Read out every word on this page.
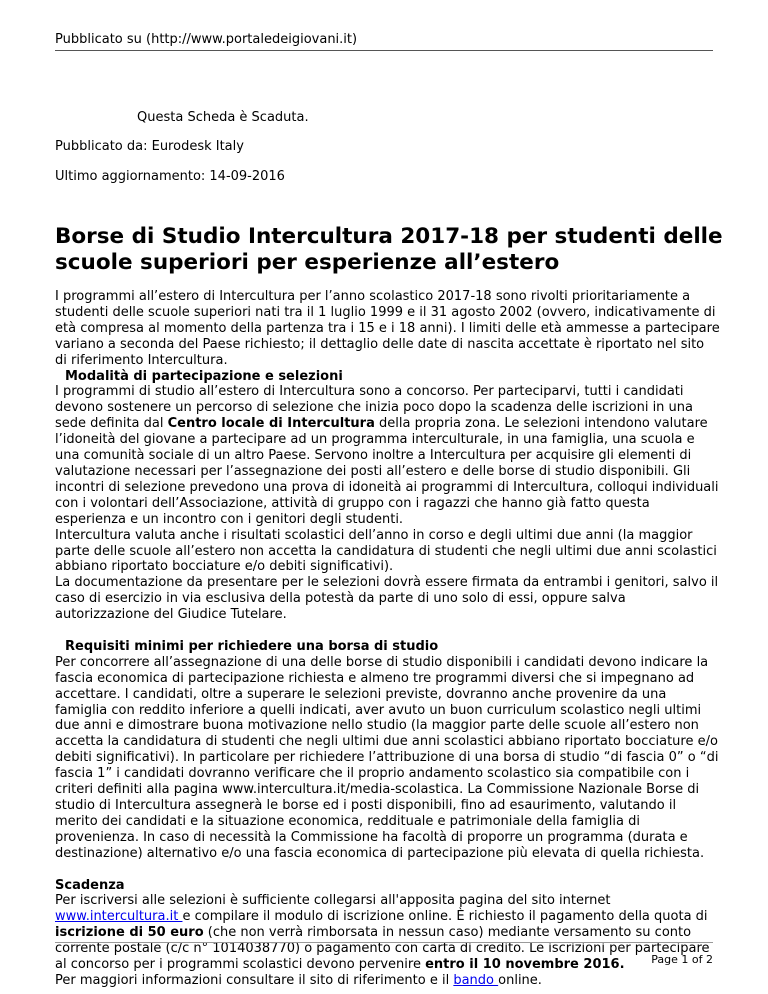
Pubblicato su (http://www.portaledeigiovani.it)
Questa Scheda è Scaduta.
Pubblicato da: Eurodesk Italy
Ultimo aggiornamento: 14-09-2016
Borse di Studio Intercultura 2017-18 per studenti delle scuole superiori per esperienze all’estero

I programmi all’estero di Intercultura per l’anno scolastico 2017-18 sono rivolti prioritariamente a studenti delle scuole superiori nati tra il 1 luglio 1999 e il 31 agosto 2002 (ovvero, indicativamente di età compresa al momento della partenza tra i 15 e i 18 anni). I limiti delle età ammesse a partecipare variano a seconda del Paese richiesto; il dettaglio delle date di nascita accettate è riportato nel sito di riferimento Intercultura.

Modalità di partecipazione e selezioni

I programmi di studio all’estero di Intercultura sono a concorso. Per parteciparvi, tutti i candidati devono sostenere un percorso di selezione che inizia poco dopo la scadenza delle iscrizioni in una sede definita dal Centro locale di Intercultura della propria zona. Le selezioni intendono valutare l’idoneità del giovane a partecipare ad un programma interculturale, in una famiglia, una scuola e una comunità sociale di un altro Paese. Servono inoltre a Intercultura per acquisire gli elementi di valutazione necessari per l’assegnazione dei posti all’estero e delle borse di studio disponibili. Gli incontri di selezione prevedono una prova di idoneità ai programmi di Intercultura, colloqui individuali con i volontari dell’Associazione, attività di gruppo con i ragazzi che hanno già fatto questa esperienza e un incontro con i genitori degli studenti.

Intercultura valuta anche i risultati scolastici dell’anno in corso e degli ultimi due anni (la maggior parte delle scuole all’estero non accetta la candidatura di studenti che negli ultimi due anni scolastici abbiano riportato bocciature e/o debiti significativi).

La documentazione da presentare per le selezioni dovrà essere firmata da entrambi i genitori, salvo il caso di esercizio in via esclusiva della potestà da parte di uno solo di essi, oppure salva autorizzazione del Giudice Tutelare.

Requisiti minimi per richiedere una borsa di studio

Per concorrere all’assegnazione di una delle borse di studio disponibili i candidati devono indicare la fascia economica di partecipazione richiesta e almeno tre programmi diversi che si impegnano ad accettare. I candidati, oltre a superare le selezioni previste, dovranno anche provenire da una famiglia con reddito inferiore a quelli indicati, aver avuto un buon curriculum scolastico negli ultimi due anni e dimostrare buona motivazione nello studio (la maggior parte delle scuole all’estero non accetta la candidatura di studenti che negli ultimi due anni scolastici abbiano riportato bocciature e/o debiti significativi). In particolare per richiedere l’attribuzione di una borsa di studio “di fascia 0” o “di fascia 1” i candidati dovranno verificare che il proprio andamento scolastico sia compatibile con i criteri definiti alla pagina www.intercultura.it/media-scolastica. La Commissione Nazionale Borse di studio di Intercultura assegnerà le borse ed i posti disponibili, fino ad esaurimento, valutando il merito dei candidati e la situazione economica, reddituale e patrimoniale della famiglia di provenienza. In caso di necessità la Commissione ha facoltà di proporre un programma (durata e destinazione) alternativo e/o una fascia economica di partecipazione più elevata di quella richiesta.

Scadenza

Per iscriversi alle selezioni è sufficiente collegarsi all'apposita pagina del sito internet www.intercultura.it e compilare il modulo di iscrizione online. È richiesto il pagamento della quota di iscrizione di 50 euro (che non verrà rimborsata in nessun caso) mediante versamento su conto corrente postale (c/c n° 1014038770) o pagamento con carta di credito. Le iscrizioni per partecipare al concorso per i programmi scolastici devono pervenire entro il 10 novembre 2016.

Per maggiori informazioni consultare il sito di riferimento e il bando online.

Page 1 of 2
